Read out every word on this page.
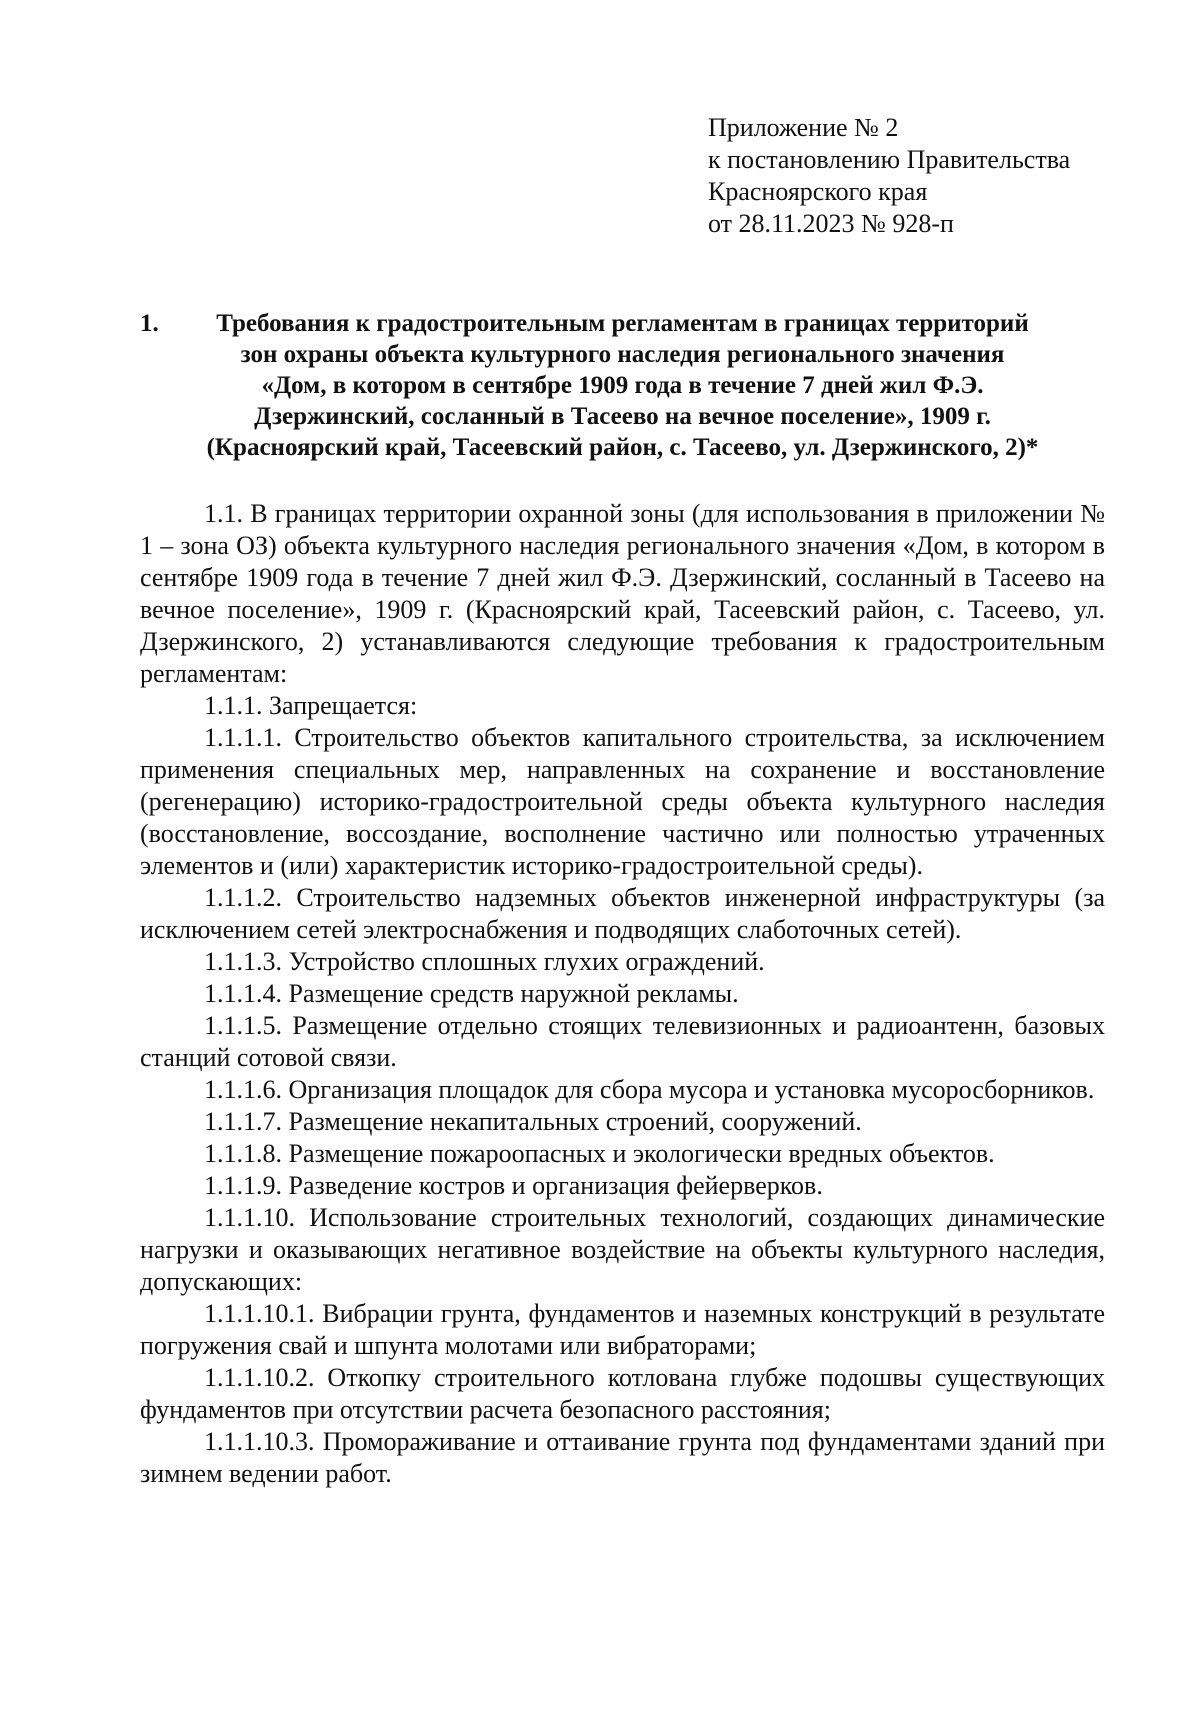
Приложение № 2
к постановлению Правительства
Красноярского края
от 28.11.2023 № 928-п
1.	Требования к градостроительным регламентам в границах территорий
зон охраны объекта культурного наследия регионального значения
«Дом, в котором в сентябре 1909 года в течение 7 дней жил Ф.Э.
Дзержинский, сосланный в Тасеево на вечное поселение», 1909 г.
(Красноярский край, Тасеевский район, с. Тасеево, ул. Дзержинского, 2)*

1.1. В границах территории охранной зоны (для использования в приложении № 1 – зона ОЗ) объекта культурного наследия регионального значения «Дом, в котором в сентябре 1909 года в течение 7 дней жил Ф.Э. Дзержинский, сосланный в Тасеево на вечное поселение», 1909 г. (Красноярский край, Тасеевский район, с. Тасеево, ул. Дзержинского, 2) устанавливаются следующие требования к градостроительным регламентам:

1.1.1. Запрещается:

1.1.1.1. Строительство объектов капитального строительства, за исключением применения специальных мер, направленных на сохранение и восстановление (регенерацию) историко-градостроительной среды объекта культурного наследия (восстановление, воссоздание, восполнение частично или полностью утраченных элементов и (или) характеристик историко-градостроительной среды).

1.1.1.2. Строительство надземных объектов инженерной инфраструктуры (за исключением сетей электроснабжения и подводящих слаботочных сетей).

1.1.1.3. Устройство сплошных глухих ограждений.

1.1.1.4. Размещение средств наружной рекламы.

1.1.1.5. Размещение отдельно стоящих телевизионных и радиоантенн, базовых станций сотовой связи.

1.1.1.6. Организация площадок для сбора мусора и установка мусоросборников.

1.1.1.7. Размещение некапитальных строений, сооружений.

1.1.1.8. Размещение пожароопасных и экологически вредных объектов.

1.1.1.9. Разведение костров и организация фейерверков.

1.1.1.10. Использование строительных технологий, создающих динамические нагрузки и оказывающих негативное воздействие на объекты культурного наследия, допускающих:

1.1.1.10.1. Вибрации грунта, фундаментов и наземных конструкций в результате погружения свай и шпунта молотами или вибраторами;

1.1.1.10.2. Откопку строительного котлована глубже подошвы существующих фундаментов при отсутствии расчета безопасного расстояния;

1.1.1.10.3. Промораживание и оттаивание грунта под фундаментами зданий при зимнем ведении работ.
